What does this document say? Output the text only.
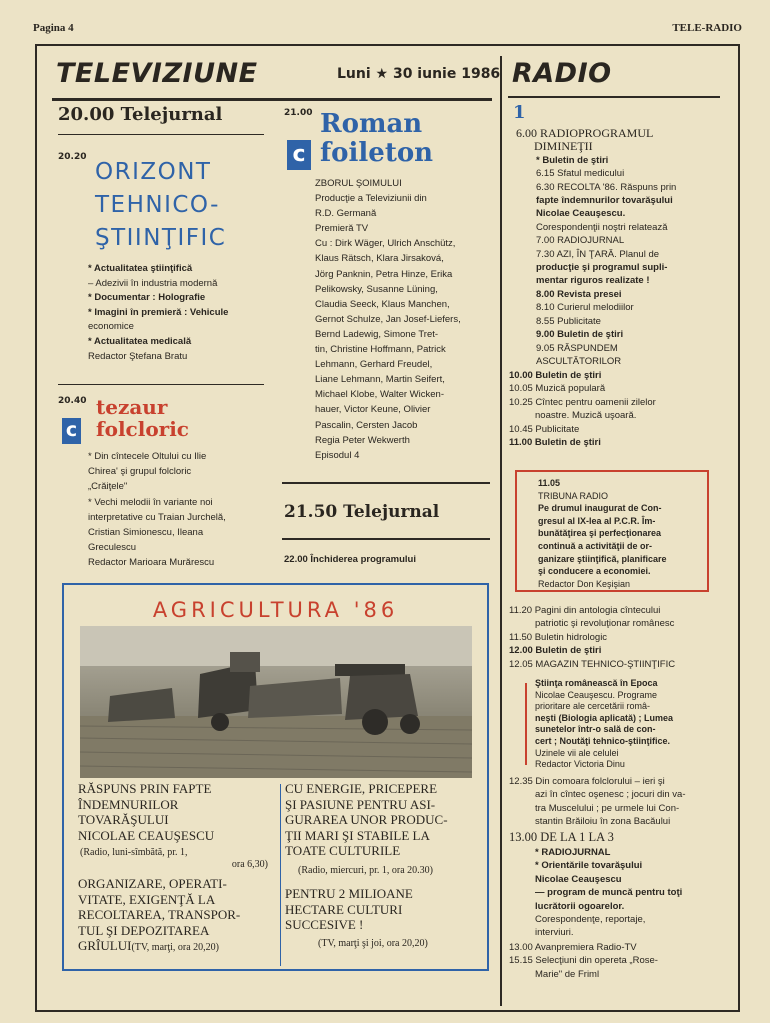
Pagina 4	TELE-RADIO
TELEVIZIUNE	Luni ★ 30 iunie 1986
20.00 Telejurnal
20.20
ORIZONT
TEHNICO-
ŞTIINŢIFIC
* Actualitatea ştiinţifică
– Adezivii în industria modernă
* Documentar : Holografie
* Imagini în premieră : Vehicule
economice
* Actualitatea medicală
Redactor Ştefana Bratu
20.40
c
tezaur
folcloric
* Din cîntecele Oltului cu Ilie
Chirea' şi grupul folcloric
„Crăiţele"
* Vechi melodii în variante noi
interpretative cu Traian Jurchelă,
Cristian Simionescu, Ileana
Greculescu
Redactor Marioara Murărescu
21.00
c
Roman
foileton
ZBORUL ŞOIMULUI
Producţie a Televiziunii din
R.D. Germană
Premieră TV
Cu : Dirk Wäger, Ulrich Anschütz,
Klaus Rätsch, Klara Jirsaková,
Jörg Panknin, Petra Hinze, Erika
Pelikowsky, Susanne Lüning,
Claudia Seeck, Klaus Manchen,
Gernot Schulze, Jan Josef-Liefers,
Bernd Ladewig, Simone Tret-
tin, Christine Hoffmann, Patrick
Lehmann, Gerhard Freudel,
Liane Lehmann, Martin Seifert,
Michael Klobe, Walter Wicken-
hauer, Victor Keune, Olivier
Pascalin, Cersten Jacob
Regia Peter Wekwerth
Episodul 4
21.50 Telejurnal
22.00 Închiderea programului
AGRICULTURA '86
RĂSPUNS PRIN FAPTE
ÎNDEMNURILOR
TOVARĂŞULUI
NICOLAE CEAUŞESCU
(Radio, luni-sîmbătă, pr. 1,
ora 6,30)
ORGANIZARE, OPERATI-
VITATE, EXIGENŢĂ LA
RECOLTAREA, TRANSPOR-
TUL ŞI DEPOZITAREA
GRÎULUI(TV, marţi, ora 20,20)
CU ENERGIE, PRICEPERE
ŞI PASIUNE PENTRU ASI-
GURAREA UNOR PRODUC-
ŢII MARI ŞI STABILE LA
TOATE CULTURILE
(Radio, miercuri, pr. 1, ora 20.30)
PENTRU 2 MILIOANE
HECTARE CULTURI
SUCCESIVE !
(TV, marţi şi joi, ora 20,20)
RADIO
1
6.00 RADIOPROGRAMUL
DIMINEŢII
* Buletin de ştiri
6.15 Sfatul medicului
6.30 RECOLTA '86. Răspuns prin
fapte îndemnurilor tovarăşului
Nicolae Ceauşescu.
Corespondenţii noştri relatează
7.00 RADIOJURNAL
7.30 AZI, ÎN ŢARĂ. Planul de
producţie şi programul supli-
mentar riguros realizate !
8.00 Revista presei
8.10 Curierul melodiilor
8.55 Publicitate
9.00 Buletin de ştiri
9.05 RĂSPUNDEM
ASCULTĂTORILOR
10.00 Buletin de ştiri
10.05 Muzică populară
10.25 Cîntec pentru oamenii zilelor
noastre. Muzică uşoară.
10.45 Publicitate
11.00 Buletin de ştiri
11.05
TRIBUNA RADIO
Pe drumul inaugurat de Con-
gresul al IX-lea al P.C.R. Îm-
bunătăţirea şi perfecţionarea
continuă a activităţii de or-
ganizare ştiinţifică, planificare
şi conducere a economiei.
Redactor Don Keşişian
11.20 Pagini din antologia cîntecului
patriotic şi revoluţionar românesc
11.50 Buletin hidrologic
12.00 Buletin de ştiri
12.05 MAGAZIN TEHNICO-ŞTIINŢIFIC
Ştiinţa românească în Epoca
Nicolae Ceauşescu. Programe
prioritare ale cercetării româ-
neşti (Biologia aplicată) ; Lumea
sunetelor într-o sală de con-
cert ; Noutăţi tehnico-ştiinţifice.
Uzinele vii ale celulei
Redactor Victoria Dinu
12.35 Din comoara folclorului – ieri şi
azi în cîntec oşenesc ; jocuri din va-
tra Muscelului ; pe urmele lui Con-
stantin Brăiloiu în zona Bacăului
13.00 DE LA 1 LA 3
* RADIOJURNAL
* Orientările tovarăşului
Nicolae Ceauşescu
— program de muncă pentru toţi
lucrătorii ogoarelor.
Corespondenţe, reportaje,
interviuri.
13.00 Avanpremiera Radio-TV
15.15 Selecţiuni din opereta „Rose-
Marie" de Friml
